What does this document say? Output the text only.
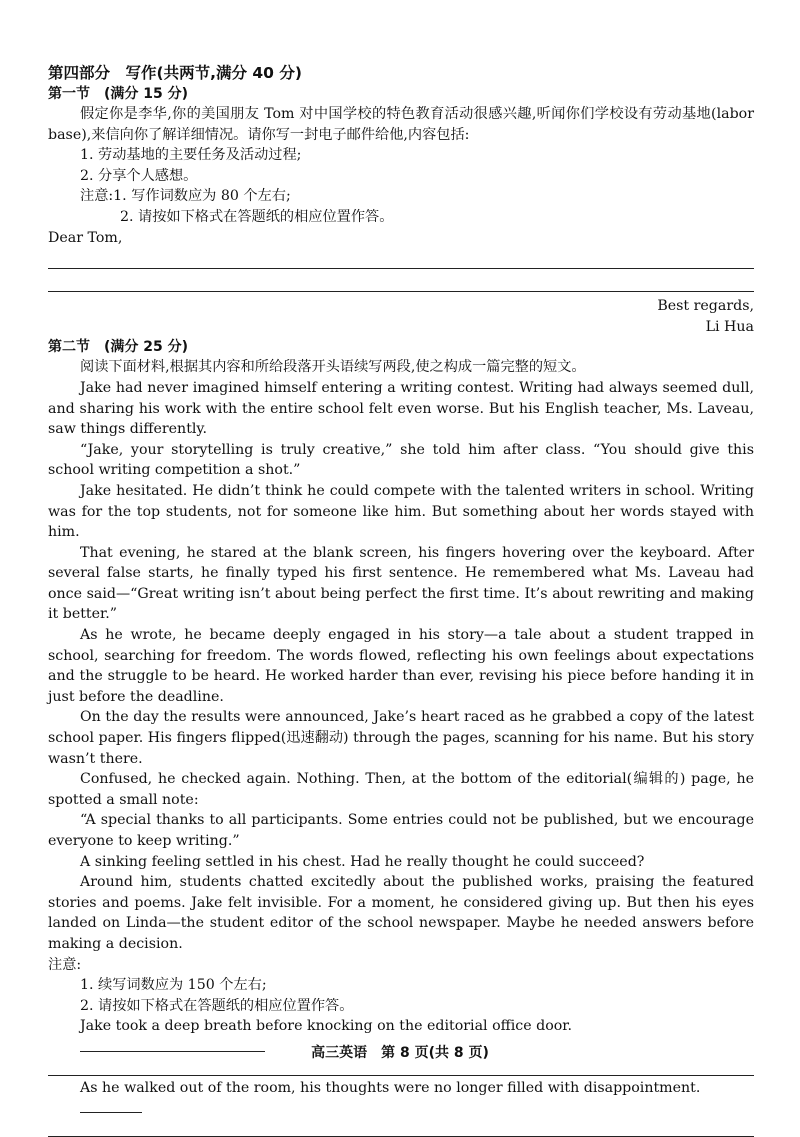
第四部分　写作(共两节,满分 40 分)
第一节　(满分 15 分)

假定你是李华,你的美国朋友 Tom 对中国学校的特色教育活动很感兴趣,听闻你们学校设有劳动基地(labor base),来信向你了解详细情况。请你写一封电子邮件给他,内容包括:

1. 劳动基地的主要任务及活动过程;
2. 分享个人感想。
注意:1. 写作词数应为 80 个左右;
2. 请按如下格式在答题纸的相应位置作答。
Dear Tom,
Best regards,
Li Hua
第二节　(满分 25 分)

阅读下面材料,根据其内容和所给段落开头语续写两段,使之构成一篇完整的短文。

Jake had never imagined himself entering a writing contest. Writing had always seemed dull, and sharing his work with the entire school felt even worse. But his English teacher, Ms. Laveau, saw things differently.

“Jake, your storytelling is truly creative,” she told him after class. “You should give this school writing competition a shot.”

Jake hesitated. He didn’t think he could compete with the talented writers in school. Writing was for the top students, not for someone like him. But something about her words stayed with him.

That evening, he stared at the blank screen, his fingers hovering over the keyboard. After several false starts, he finally typed his first sentence. He remembered what Ms. Laveau had once said—“Great writing isn’t about being perfect the first time. It’s about rewriting and making it better.”

As he wrote, he became deeply engaged in his story—a tale about a student trapped in school, searching for freedom. The words flowed, reflecting his own feelings about expectations and the struggle to be heard. He worked harder than ever, revising his piece before handing it in just before the deadline.

On the day the results were announced, Jake’s heart raced as he grabbed a copy of the latest school paper. His fingers flipped(迅速翻动) through the pages, scanning for his name. But his story wasn’t there.

Confused, he checked again. Nothing. Then, at the bottom of the editorial(编辑的) page, he spotted a small note:

“A special thanks to all participants. Some entries could not be published, but we encourage everyone to keep writing.”

A sinking feeling settled in his chest. Had he really thought he could succeed?

Around him, students chatted excitedly about the published works, praising the featured stories and poems. Jake felt invisible. For a moment, he considered giving up. But then his eyes landed on Linda—the student editor of the school newspaper. Maybe he needed answers before making a decision.

注意:
1. 续写词数应为 150 个左右;
2. 请按如下格式在答题纸的相应位置作答。
Jake took a deep breath before knocking on the editorial office door.
As he walked out of the room, his thoughts were no longer filled with disappointment.
高三英语　第 8 页(共 8 页)
